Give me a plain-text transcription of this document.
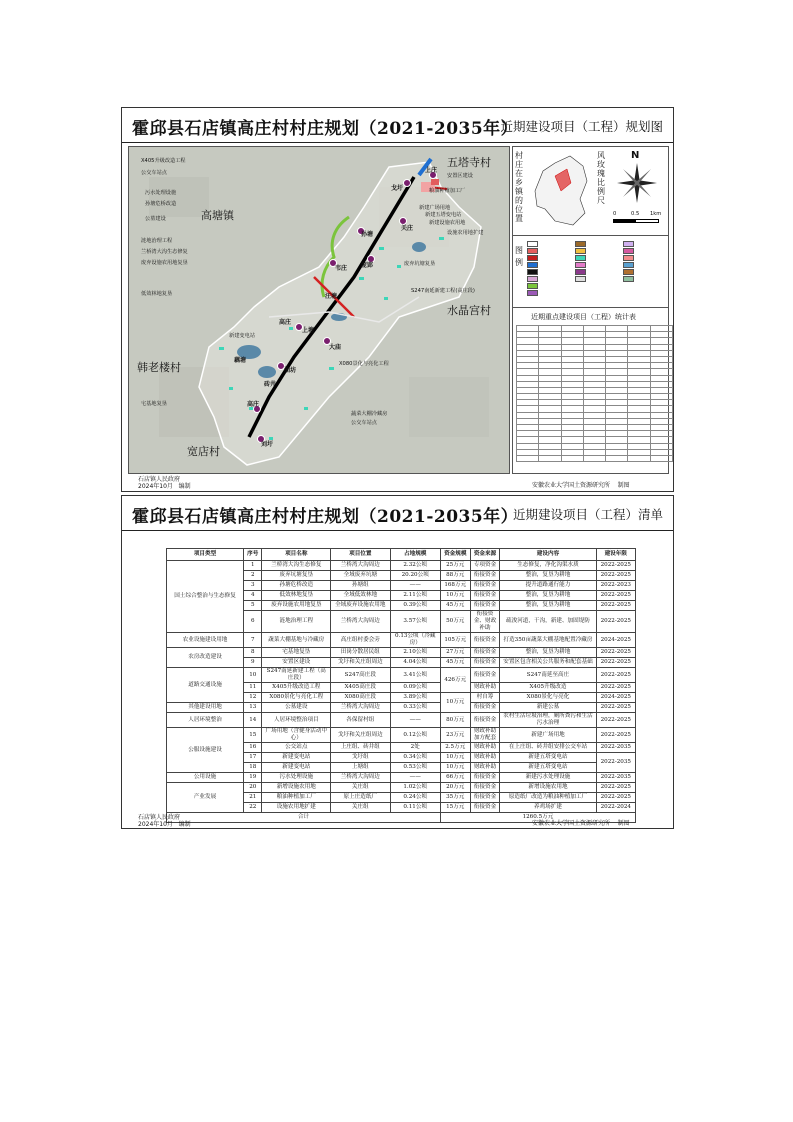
霍邱县石店镇高庄村村庄规划（2021-2035年）
近期建设项目（工程）规划图
五塔寺村
高塘镇
水晶宫村
韩老楼村
宽店村
X405升级改造工程
公交车站点
污水处理设施
孙塘危桥改造
公墓建设
涟地治理工程
兰桥湾大沟生态修复
废弃设施农用地复垦
低效林地复垦
新建变电站
宅基地复垦
安置区建设
粮油种植加工厂
新建广场用地
新建五塔变电站
新建设施农用地
设施农用地扩建
废弃坑塘复垦
S247南延新建工程(高庄段)
X080景化与亮化工程
蔬菜大棚冷藏房
公交车站点
戈圩
上庄
关庄
孙塘
韦庄 庞郢
汪塘
高庄
上塘
大庙
藕塘
油坊
砖井
高庄
刘圩
村庄在乡镇的位置
风玫瑰比例尺
N
0	0.5 1km
图例
近期重点建设项目（工程）统计表

石店镇人民政府
2024年10月 编制	安徽农业大学国土资源研究所 制图
霍邱县石店镇高庄村村庄规划（2021-2035年）
近期建设项目（工程）清单
项目类型	序号	项目名称	项目位置	占地规模	资金规模	资金来源	建设内容	建设年限
国土综合整治与生态修复	1	兰桥湾大沟生态修复	兰桥湾大沟周边	2.32公顷	25万元	专项资金	生态修复，净化沟渠水质	2022-2025
	2	废弃坑塘复垦	全域废弃坑塘	20.20公顷	88万元	衔接资金	整治，复垦为耕地	2022-2025
	3	孙塘危桥改造	孙塘组	——	168万元	衔接资金	提升道路通行能力	2022-2023
	4	低效林地复垦	全域低效林地	2.11公顷	10万元	衔接资金	整治，复垦为耕地	2022-2025
	5	废弃设施农用地复垦	全域废弃设施农用地	0.39公顷	45万元	衔接资金	整治，复垦为耕地	2022-2025
	6	涟地治理工程	兰桥湾大沟周边	3.57公顷	50万元	衔接资金、财政补助	疏浚河道，干沟，新建、加固堤防	2022-2025
农业设施建设用地	7	蔬菜大棚基地与冷藏房	高庄组村委会旁	0.13公顷（冷藏房）	105万元	衔接资金	打造350亩蔬菜大棚基地配置冷藏房	2024-2025
农房改造建设	8	宅基地复垦	田岗分散居民组	2.10公顷	27万元	衔接资金	整治，复垦为耕地	2022-2025
	9	安置区建设	戈圩和关庄组周边	4.04公顷	45万元	衔接资金	安置区包含相关公共服务和配套基础	2022-2025
道路交通设施	10	S247南延新建工程（高庄段）	S247高庄段	3.41公顷	426万元	衔接资金	S247南延至高庄	2022-2025
	11	X405升级改造工程	X405高庄段	0.09公顷		财政补助	X405升级改造	2022-2025
	12	X080景化与亮化工程	X080高庄段	3.89公顷	10万元	村自筹	X080景化与亮化	2024-2025
其他建设用地	13	公墓建设	兰桥湾大沟周边	0.33公顷		衔接资金	新建公墓	2022-2025
人居环境整治	14	人居环境整治项目	各保留村组	——	80万元	衔接资金	农村生活垃圾治理，厕所粪污和生活污水治理	2022-2025
公服设施建设	15	广场用地（含健身活动中心）	戈圩和关庄组周边	0.12公顷	23万元	财政补助加方配套	新建广场用地	2022-2025
	16	公交站点	上庄组、砖井组	2处	2.5万元	财政补助	在上庄组、砖井组安排公交车站	2022-2035
	17	新建变电站	戈圩组	0.34公顷	10万元	财政补助	新建五塔变电站	2022-2035
	18	新建变电站	上塘组	0.53公顷	10万元	财政补助	新建五塔变电站	
公用设施	19	污水处理设施	兰桥湾大沟周边	——	66万元	衔接资金	新建污水处理设施	2022-2035
产业发展	20	新增设施农用地	关庄组	1.02公顷	20万元	衔接资金	新增设施农用地	2022-2025
	21	粮油种植加工厂	原上庄造纸厂	0.24公顷	35万元	衔接资金	原造纸厂改造为粮油种植加工厂	2022-2025
	22	设施农用地扩建	关庄组	0.11公顷	15万元	衔接资金	养鸡场扩建	2022-2024
合计					1260.5万元			
石店镇人民政府
2024年10月 编制	安徽农业大学国土资源研究所 制图
